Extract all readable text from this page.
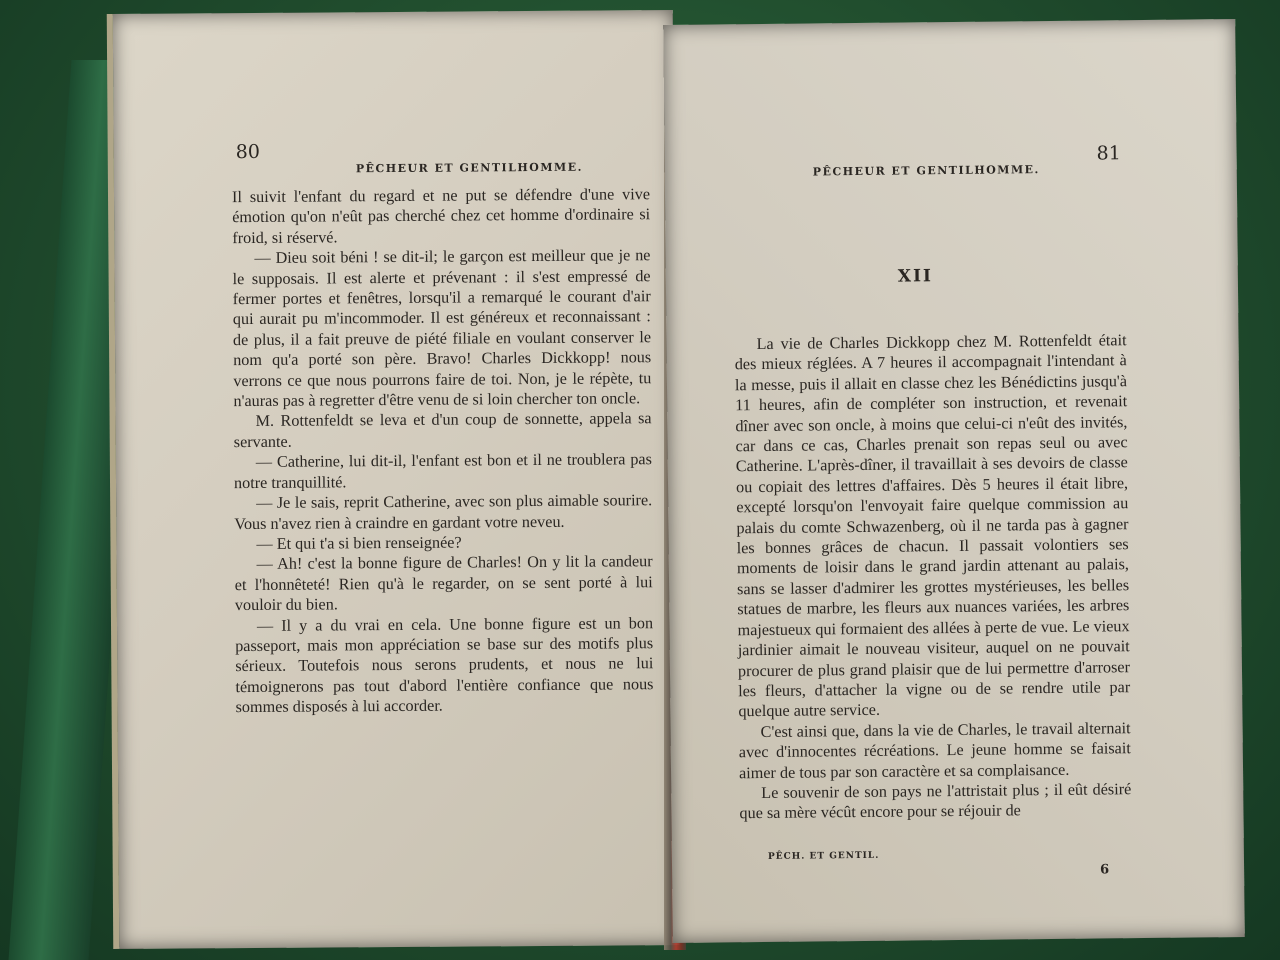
80
PÊCHEUR ET GENTILHOMME.

Il suivit l'enfant du regard et ne put se défendre d'une vive émotion qu'on n'eût pas cherché chez cet homme d'ordinaire si froid, si réservé.

— Dieu soit béni ! se dit-il; le garçon est meilleur que je ne le supposais. Il est alerte et prévenant : il s'est empressé de fermer portes et fenêtres, lorsqu'il a remarqué le courant d'air qui aurait pu m'incommoder. Il est généreux et reconnaissant : de plus, il a fait preuve de piété filiale en voulant conserver le nom qu'a porté son père. Bravo! Charles Dickkopp! nous verrons ce que nous pourrons faire de toi. Non, je le répète, tu n'auras pas à regretter d'être venu de si loin chercher ton oncle.

M. Rottenfeldt se leva et d'un coup de sonnette, appela sa servante.

— Catherine, lui dit-il, l'enfant est bon et il ne troublera pas notre tranquillité.

— Je le sais, reprit Catherine, avec son plus aimable sourire. Vous n'avez rien à craindre en gardant votre neveu.

— Et qui t'a si bien renseignée?

— Ah! c'est la bonne figure de Charles! On y lit la candeur et l'honnêteté! Rien qu'à le regarder, on se sent porté à lui vouloir du bien.

— Il y a du vrai en cela. Une bonne figure est un bon passeport, mais mon appréciation se base sur des motifs plus sérieux. Toutefois nous serons prudents, et nous ne lui témoignerons pas tout d'abord l'entière confiance que nous sommes disposés à lui accorder.

PÊCHEUR ET GENTILHOMME.
81
XII

La vie de Charles Dickkopp chez M. Rottenfeldt était des mieux réglées. A 7 heures il accompagnait l'intendant à la messe, puis il allait en classe chez les Bénédictins jusqu'à 11 heures, afin de compléter son instruction, et revenait dîner avec son oncle, à moins que celui-ci n'eût des invités, car dans ce cas, Charles prenait son repas seul ou avec Catherine. L'après-dîner, il travaillait à ses devoirs de classe ou copiait des lettres d'affaires. Dès 5 heures il était libre, excepté lorsqu'on l'envoyait faire quelque commission au palais du comte Schwazenberg, où il ne tarda pas à gagner les bonnes grâces de chacun. Il passait volontiers ses moments de loisir dans le grand jardin attenant au palais, sans se lasser d'admirer les grottes mystérieuses, les belles statues de marbre, les fleurs aux nuances variées, les arbres majestueux qui formaient des allées à perte de vue. Le vieux jardinier aimait le nouveau visiteur, auquel on ne pouvait procurer de plus grand plaisir que de lui permettre d'arroser les fleurs, d'attacher la vigne ou de se rendre utile par quelque autre service.

C'est ainsi que, dans la vie de Charles, le travail alternait avec d'innocentes récréations. Le jeune homme se faisait aimer de tous par son caractère et sa complaisance.

Le souvenir de son pays ne l'attristait plus ; il eût désiré que sa mère vécût encore pour se réjouir de

PÊCH. ET GENTIL.
6
